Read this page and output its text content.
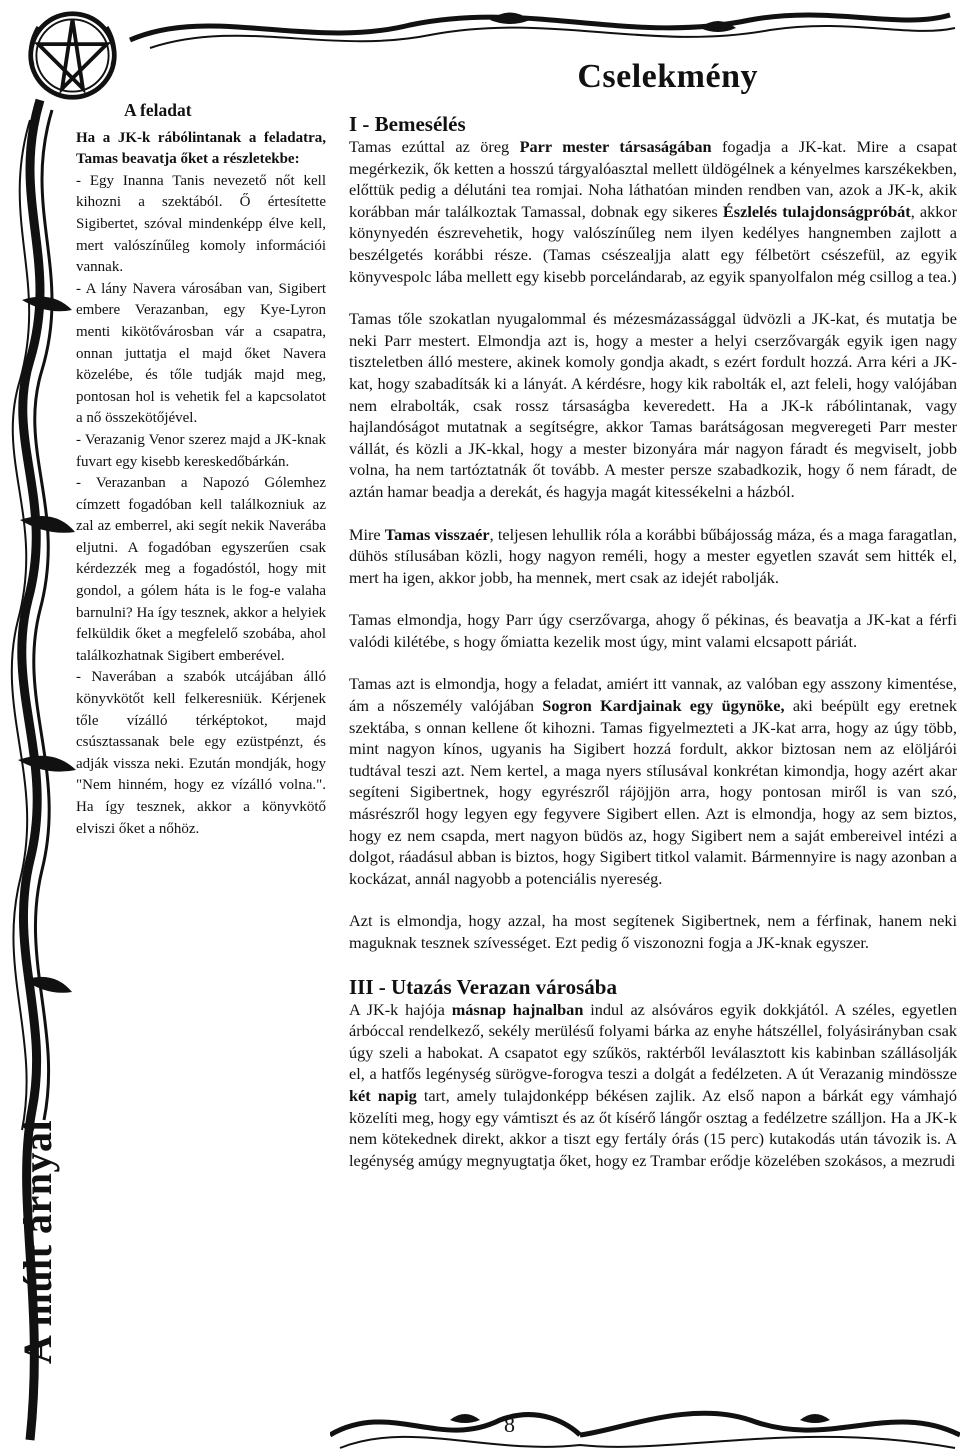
A múlt árnyai
Cselekmény
A feladat

Ha a JK-k rábólintanak a feladatra, Tamas beavatja őket a részletekbe:

- Egy Inanna Tanis nevezető nőt kell kihozni a szektából. Ő értesítette Sigibertet, szóval mindenképp élve kell, mert valószínűleg komoly információi vannak.

- A lány Navera városában van, Sigibert embere Verazanban, egy Kye-Lyron menti kikötővárosban vár a csapatra, onnan juttatja el majd őket Navera közelébe, és tőle tudják majd meg, pontosan hol is vehetik fel a kapcsolatot a nő összekötőjével.

- Verazanig Venor szerez majd a JK-knak fuvart egy kisebb kereskedőbárkán.

- Verazanban a Napozó Gólemhez címzett fogadóban kell találkozniuk az zal az emberrel, aki segít nekik Naverába eljutni. A fogadóban egyszerűen csak kérdezzék meg a fogadóstól, hogy mit gondol, a gólem háta is le fog-e valaha barnulni? Ha így tesznek, akkor a helyiek felküldik őket a megfelelő szobába, ahol találkozhatnak Sigibert emberével.

- Naverában a szabók utcájában álló könyvkötőt kell felkeresniük. Kérjenek tőle vízálló térképtokot, majd csúsztassanak bele egy ezüstpénzt, és adják vissza neki. Ezután mondják, hogy "Nem hinném, hogy ez vízálló volna.". Ha így tesznek, akkor a könyvkötő elviszi őket a nőhöz.

I - Bemesélés

Tamas ezúttal az öreg Parr mester társaságában fogadja a JK-kat. Mire a csapat megérkezik, ők ketten a hosszú tárgyalóasztal mellett üldögélnek a kényelmes karszékekben, előttük pedig a délutáni tea romjai. Noha láthatóan minden rendben van, azok a JK-k, akik korábban már találkoztak Tamassal, dobnak egy sikeres Észlelés tulajdonságpróbát, akkor könynyedén észrevehetik, hogy valószínűleg nem ilyen kedélyes hangnemben zajlott a beszélgetés korábbi része. (Tamas csészealjja alatt egy félbetört csészefül, az egyik könyvespolc lába mellett egy kisebb porcelándarab, az egyik spanyolfalon még csillog a tea.)

Tamas tőle szokatlan nyugalommal és mézesmázassággal üdvözli a JK-kat, és mutatja be neki Parr mestert. Elmondja azt is, hogy a mester a helyi cserzővargák egyik igen nagy tiszteletben álló mestere, akinek komoly gondja akadt, s ezért fordult hozzá. Arra kéri a JK-kat, hogy szabadítsák ki a lányát. A kérdésre, hogy kik rabolták el, azt feleli, hogy valójában nem elrabolták, csak rossz társaságba keveredett. Ha a JK-k rábólintanak, vagy hajlandóságot mutatnak a segítségre, akkor Tamas barátságosan megveregeti Parr mester vállát, és közli a JK-kkal, hogy a mester bizonyára már nagyon fáradt és megviselt, jobb volna, ha nem tartóztatnák őt tovább. A mester persze szabadkozik, hogy ő nem fáradt, de aztán hamar beadja a derekát, és hagyja magát kitessékelni a házból.

Mire Tamas visszaér, teljesen lehullik róla a korábbi bűbájosság máza, és a maga faragatlan, dühös stílusában közli, hogy nagyon reméli, hogy a mester egyetlen szavát sem hitték el, mert ha igen, akkor jobb, ha mennek, mert csak az idejét rabolják.

Tamas elmondja, hogy Parr úgy cserzővarga, ahogy ő pékinas, és beavatja a JK-kat a férfi valódi kilétébe, s hogy őmiatta kezelik most úgy, mint valami elcsapott páriát.

Tamas azt is elmondja, hogy a feladat, amiért itt vannak, az valóban egy asszony kimentése, ám a nőszemély valójában Sogron Kardjainak egy ügynöke, aki beépült egy eretnek szektába, s onnan kellene őt kihozni. Tamas figyelmezteti a JK-kat arra, hogy az úgy több, mint nagyon kínos, ugyanis ha Sigibert hozzá fordult, akkor biztosan nem az elöljárói tudtával teszi azt. Nem kertel, a maga nyers stílusával konkrétan kimondja, hogy azért akar segíteni Sigibertnek, hogy egyrészről rájöjjön arra, hogy pontosan miről is van szó, másrészről hogy legyen egy fegyvere Sigibert ellen. Azt is elmondja, hogy az sem biztos, hogy ez nem csapda, mert nagyon büdös az, hogy Sigibert nem a saját embereivel intézi a dolgot, ráadásul abban is biztos, hogy Sigibert titkol valamit. Bármennyire is nagy azonban a kockázat, annál nagyobb a potenciális nyereség.

Azt is elmondja, hogy azzal, ha most segítenek Sigibertnek, nem a férfinak, hanem neki maguknak tesznek szívességet. Ezt pedig ő viszonozni fogja a JK-knak egyszer.

III - Utazás Verazan városába

A JK-k hajója másnap hajnalban indul az alsóváros egyik dokkjától. A széles, egyetlen árbóccal rendelkező, sekély merülésű folyami bárka az enyhe hátszéllel, folyásirányban csak úgy szeli a habokat. A csapatot egy szűkös, raktérből leválasztott kis kabinban szállásolják el, a hatfős legénység sürögve-forogva teszi a dolgát a fedélzeten. A út Verazanig mindössze két napig tart, amely tulajdonképp békésen zajlik. Az első napon a bárkát egy vámhajó közelíti meg, hogy egy vámtiszt és az őt kísérő lángőr osztag a fedélzetre szálljon. Ha a JK-k nem kötekednek direkt, akkor a tiszt egy fertály órás (15 perc) kutakodás után távozik is. A legénység amúgy megnyugtatja őket, hogy ez Trambar erődje közelében szokásos, a mezrudi

8
